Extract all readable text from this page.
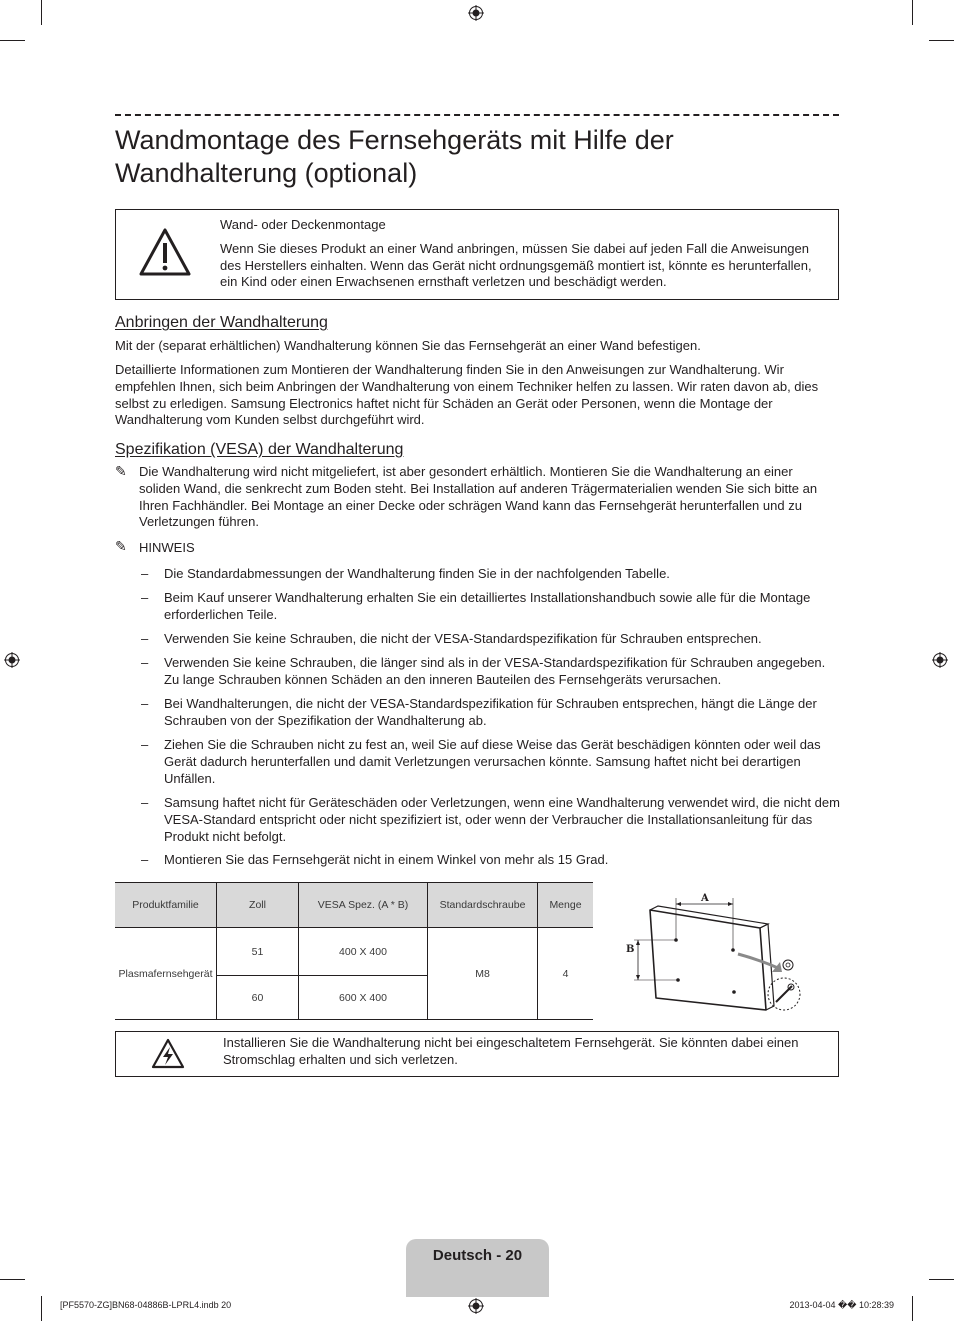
Wandmontage des Fernsehgeräts mit Hilfe der Wandhalterung (optional)
Wand- oder Deckenmontage
Wenn Sie dieses Produkt an einer Wand anbringen, müssen Sie dabei auf jeden Fall die Anweisungen des Herstellers einhalten. Wenn das Gerät nicht ordnungsgemäß montiert ist, könnte es herunterfallen, ein Kind oder einen Erwachsenen ernsthaft verletzen und beschädigt werden.
Anbringen der Wandhalterung

Mit der (separat erhältlichen) Wandhalterung können Sie das Fernsehgerät an einer Wand befestigen.

Detaillierte Informationen zum Montieren der Wandhalterung finden Sie in den Anweisungen zur Wandhalterung. Wir empfehlen Ihnen, sich beim Anbringen der Wandhalterung von einem Techniker helfen zu lassen. Wir raten davon ab, dies selbst zu erledigen. Samsung Electronics haftet nicht für Schäden an Gerät oder Personen, wenn die Montage der Wandhalterung vom Kunden selbst durchgeführt wird.

Spezifikation (VESA) der Wandhalterung
✎ Die Wandhalterung wird nicht mitgeliefert, ist aber gesondert erhältlich. Montieren Sie die Wandhalterung an einer soliden Wand, die senkrecht zum Boden steht. Bei Installation auf anderen Trägermaterialien wenden Sie sich bitte an Ihren Fachhändler. Bei Montage an einer Decke oder schrägen Wand kann das Fernsehgerät herunterfallen und zu Verletzungen führen.

✎ HINWEIS
– Die Standardabmessungen der Wandhalterung finden Sie in der nachfolgenden Tabelle.

– Beim Kauf unserer Wandhalterung erhalten Sie ein detailliertes Installationshandbuch sowie alle für die Montage erforderlichen Teile.

– Verwenden Sie keine Schrauben, die nicht der VESA-Standardspezifikation für Schrauben entsprechen.

– Verwenden Sie keine Schrauben, die länger sind als in der VESA-Standardspezifikation für Schrauben angegeben. Zu lange Schrauben können Schäden an den inneren Bauteilen des Fernsehgeräts verursachen.

– Bei Wandhalterungen, die nicht der VESA-Standardspezifikation für Schrauben entsprechen, hängt die Länge der Schrauben von der Spezifikation der Wandhalterung ab.

– Ziehen Sie die Schrauben nicht zu fest an, weil Sie auf diese Weise das Gerät beschädigen könnten oder weil das Gerät dadurch herunterfallen und damit Verletzungen verursachen könnte. Samsung haftet nicht bei derartigen Unfällen.

– Samsung haftet nicht für Geräteschäden oder Verletzungen, wenn eine Wandhalterung verwendet wird, die nicht dem VESA-Standard entspricht oder nicht spezifiziert ist, oder wenn der Verbraucher die Installationsanleitung für das Produkt nicht befolgt.

– Montieren Sie das Fernsehgerät nicht in einem Winkel von mehr als 15 Grad.

Produktfamilie	Zoll	VESA Spez. (A * B)	Standardschraube	Menge
Plasmafernsehgerät	51	400 X 400	M8	4
	60	600 X 400		
A
B
Installieren Sie die Wandhalterung nicht bei eingeschaltetem Fernsehgerät. Sie könnten dabei einen Stromschlag erhalten und sich verletzen.
Deutsch - 20
[PF5570-ZG]BN68-04886B-LPRL4.indb 20	2013-04-04 �� 10:28:39
